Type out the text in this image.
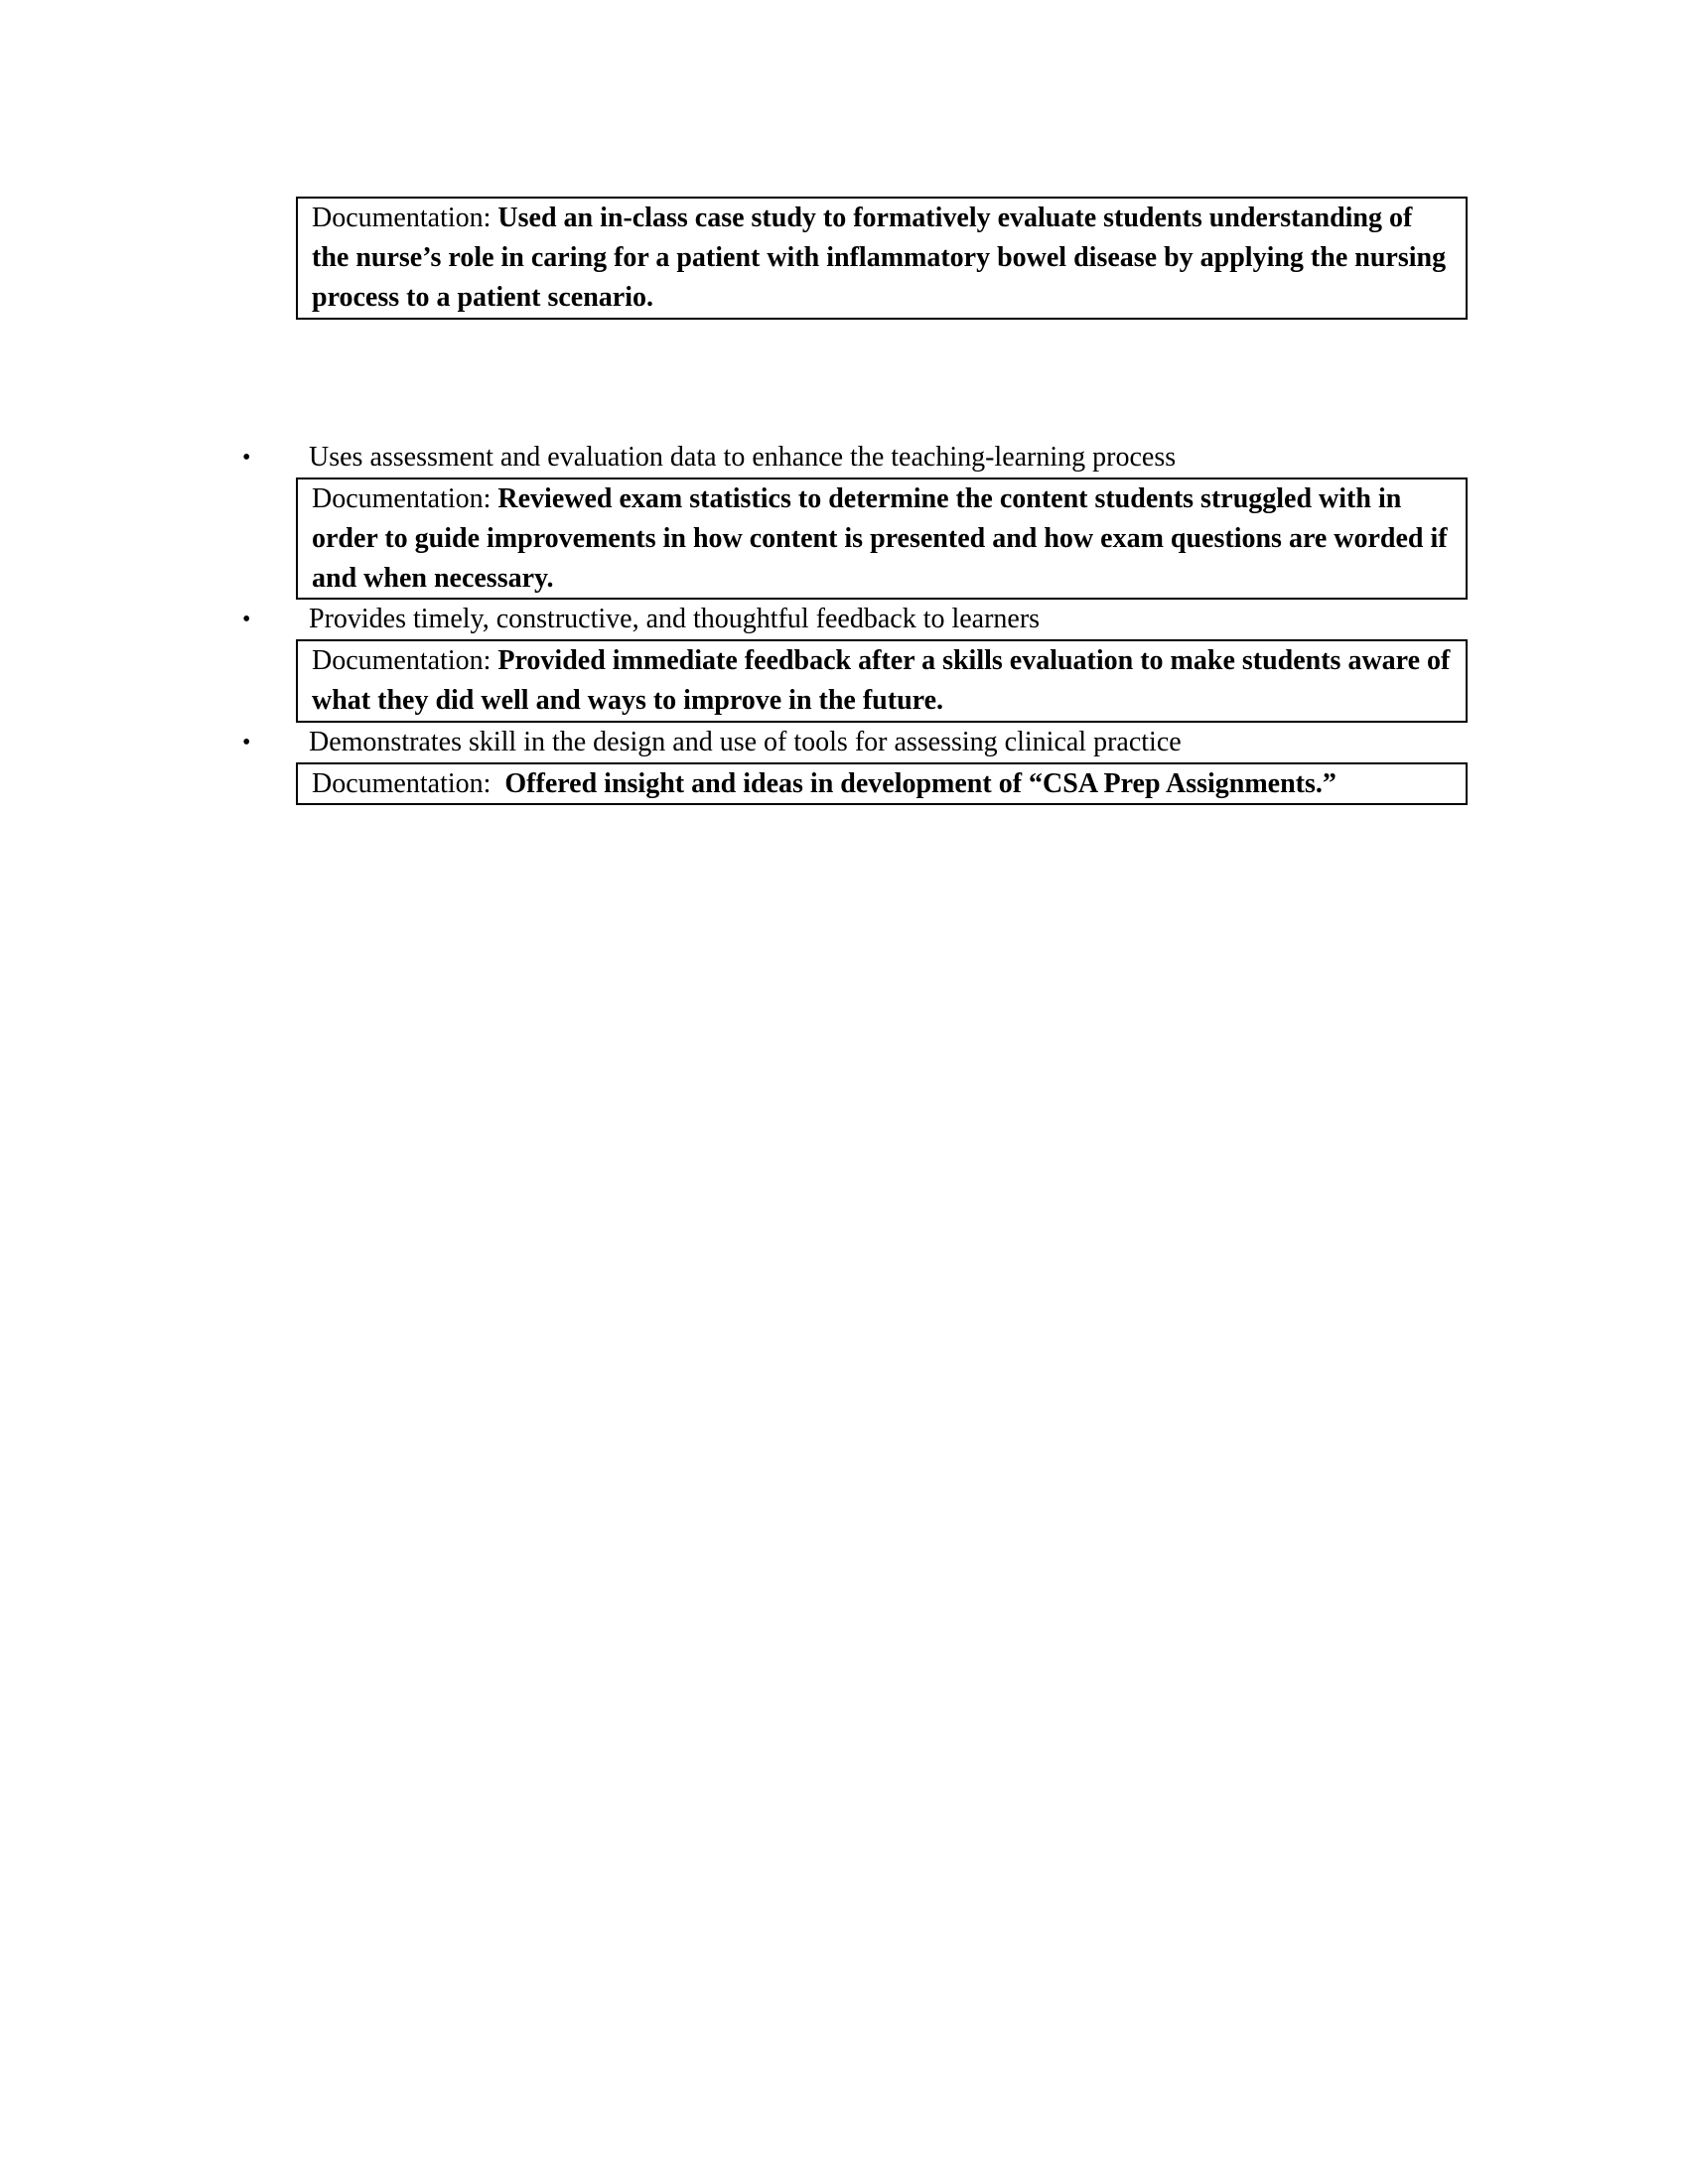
Documentation: Used an in-class case study to formatively evaluate students understanding of the nurse’s role in caring for a patient with inflammatory bowel disease by applying the nursing process to a patient scenario.
•	Uses assessment and evaluation data to enhance the teaching-learning process
Documentation: Reviewed exam statistics to determine the content students struggled with in order to guide improvements in how content is presented and how exam questions are worded if and when necessary.
•	Provides timely, constructive, and thoughtful feedback to learners
Documentation: Provided immediate feedback after a skills evaluation to make students aware of what they did well and ways to improve in the future.
•	Demonstrates skill in the design and use of tools for assessing clinical practice
Documentation:  Offered insight and ideas in development of “CSA Prep Assignments.”
